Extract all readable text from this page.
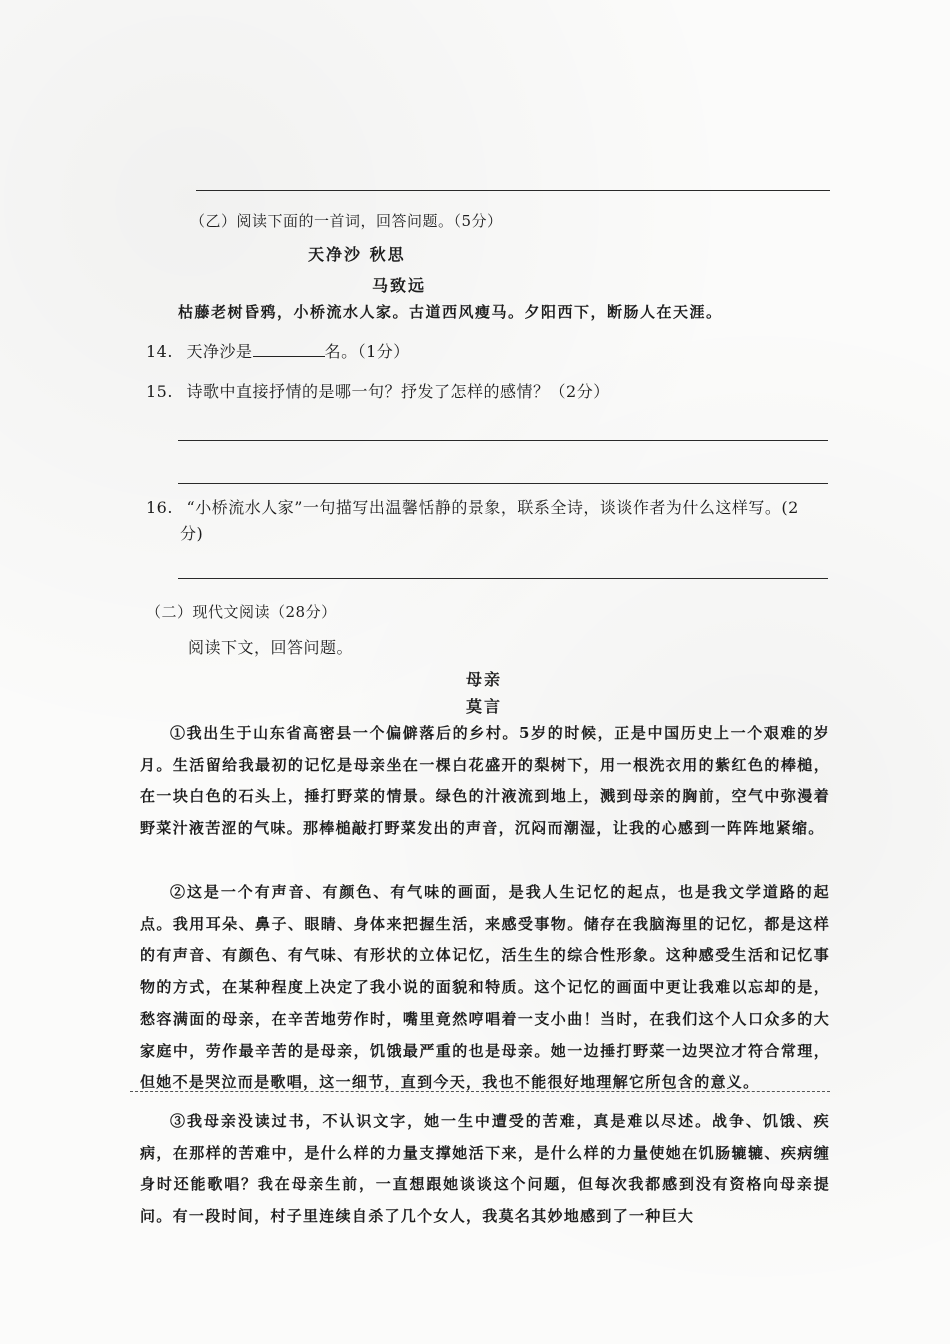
（乙）阅读下面的一首词，回答问题。（5分）
天净沙 秋思
马致远
枯藤老树昏鸦，小桥流水人家。古道西风瘦马。夕阳西下，断肠人在天涯。
14. 天净沙是	名。（1分）
15. 诗歌中直接抒情的是哪一句？抒发了怎样的感情？（2分）
16. “小桥流水人家”一句描写出温馨恬静的景象，联系全诗，谈谈作者为什么这样写。(2
分)
（二）现代文阅读（28分）
阅读下文，回答问题。
母亲
莫言

①我出生于山东省高密县一个偏僻落后的乡村。5岁的时候，正是中国历史上一个艰难的岁月。生活留给我最初的记忆是母亲坐在一棵白花盛开的梨树下，用一根洗衣用的紫红色的棒槌，在一块白色的石头上，捶打野菜的情景。绿色的汁液流到地上，溅到母亲的胸前，空气中弥漫着野菜汁液苦涩的气味。那棒槌敲打野菜发出的声音，沉闷而潮湿，让我的心感到一阵阵地紧缩。

②这是一个有声音、有颜色、有气味的画面，是我人生记忆的起点，也是我文学道路的起点。我用耳朵、鼻子、眼睛、身体来把握生活，来感受事物。储存在我脑海里的记忆，都是这样的有声音、有颜色、有气味、有形状的立体记忆，活生生的综合性形象。这种感受生活和记忆事物的方式，在某种程度上决定了我小说的面貌和特质。这个记忆的画面中更让我难以忘却的是，愁容满面的母亲，在辛苦地劳作时，嘴里竟然哼唱着一支小曲！当时，在我们这个人口众多的大家庭中，劳作最辛苦的是母亲，饥饿最严重的也是母亲。她一边捶打野菜一边哭泣才符合常理，但她不是哭泣而是歌唱，这一细节，直到今天，我也不能很好地理解它所包含的意义。

③我母亲没读过书，不认识文字，她一生中遭受的苦难，真是难以尽述。战争、饥饿、疾病，在那样的苦难中，是什么样的力量支撑她活下来，是什么样的力量使她在饥肠辘辘、疾病缠身时还能歌唱？我在母亲生前，一直想跟她谈谈这个问题，但每次我都感到没有资格向母亲提问。有一段时间，村子里连续自杀了几个女人，我莫名其妙地感到了一种巨大
